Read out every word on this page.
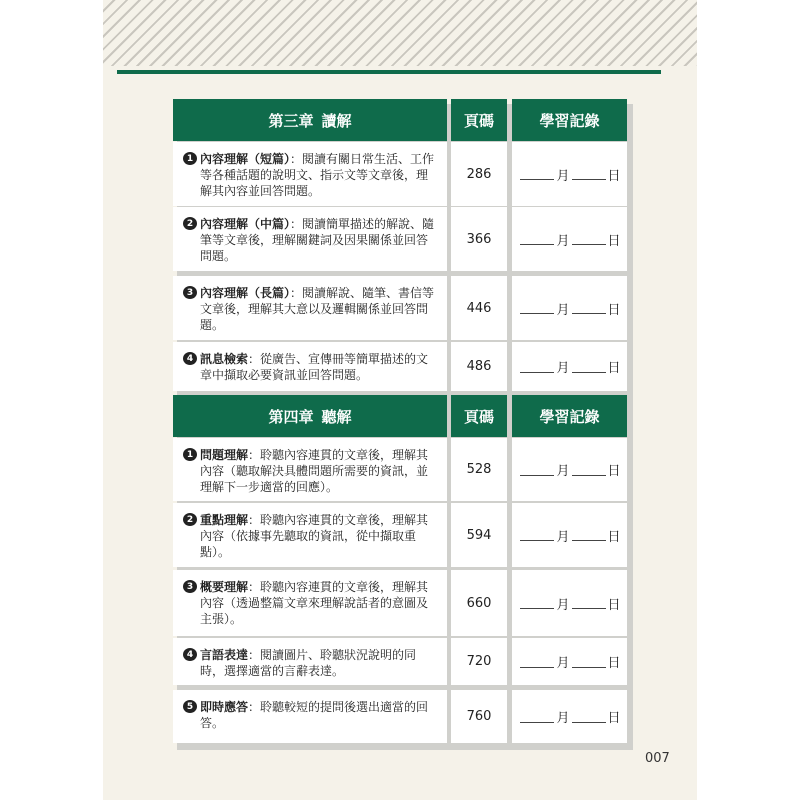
第三章 讀解	頁碼	學習記錄
1 內容理解（短篇）：閱讀有關日常生活、工作等各種話題的說明文、指示文等文章後，理解其內容並回答問題。
286	月	日
2 內容理解（中篇）：閱讀簡單描述的解說、隨筆等文章後，理解關鍵詞及因果關係並回答問題。
366	月	日
3 內容理解（長篇）：閱讀解說、隨筆、書信等文章後，理解其大意以及邏輯關係並回答問題。
446	月	日
4 訊息檢索：從廣告、宣傳冊等簡單描述的文章中擷取必要資訊並回答問題。
486	月	日
第四章 聽解	頁碼	學習記錄
1 問題理解：聆聽內容連貫的文章後，理解其內容（聽取解決具體問題所需要的資訊，並理解下一步適當的回應）。
528	月	日
2 重點理解：聆聽內容連貫的文章後，理解其內容（依據事先聽取的資訊，從中擷取重點）。
594	月	日
3 概要理解：聆聽內容連貫的文章後，理解其內容（透過整篇文章來理解說話者的意圖及主張）。
660	月	日
4 言語表達：閱讀圖片、聆聽狀況說明的同時，選擇適當的言辭表達。
720	月	日
5 即時應答：聆聽較短的提問後選出適當的回答。	760	月	日
007
